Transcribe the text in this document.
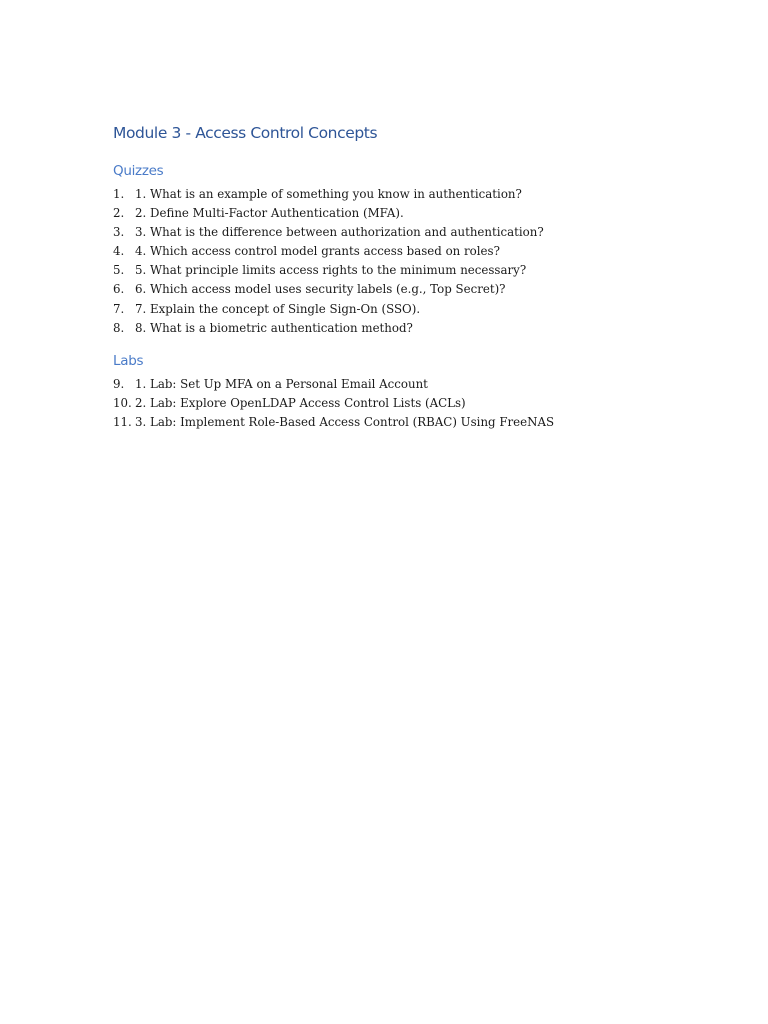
Module 3 - Access Control Concepts
Quizzes
1. 1. What is an example of something you know in authentication?
2. 2. Define Multi-Factor Authentication (MFA).
3. 3. What is the difference between authorization and authentication?
4. 4. Which access control model grants access based on roles?
5. 5. What principle limits access rights to the minimum necessary?
6. 6. Which access model uses security labels (e.g., Top Secret)?
7. 7. Explain the concept of Single Sign-On (SSO).
8. 8. What is a biometric authentication method?
Labs
9. 1. Lab: Set Up MFA on a Personal Email Account
10. 2. Lab: Explore OpenLDAP Access Control Lists (ACLs)
11. 3. Lab: Implement Role-Based Access Control (RBAC) Using FreeNAS
